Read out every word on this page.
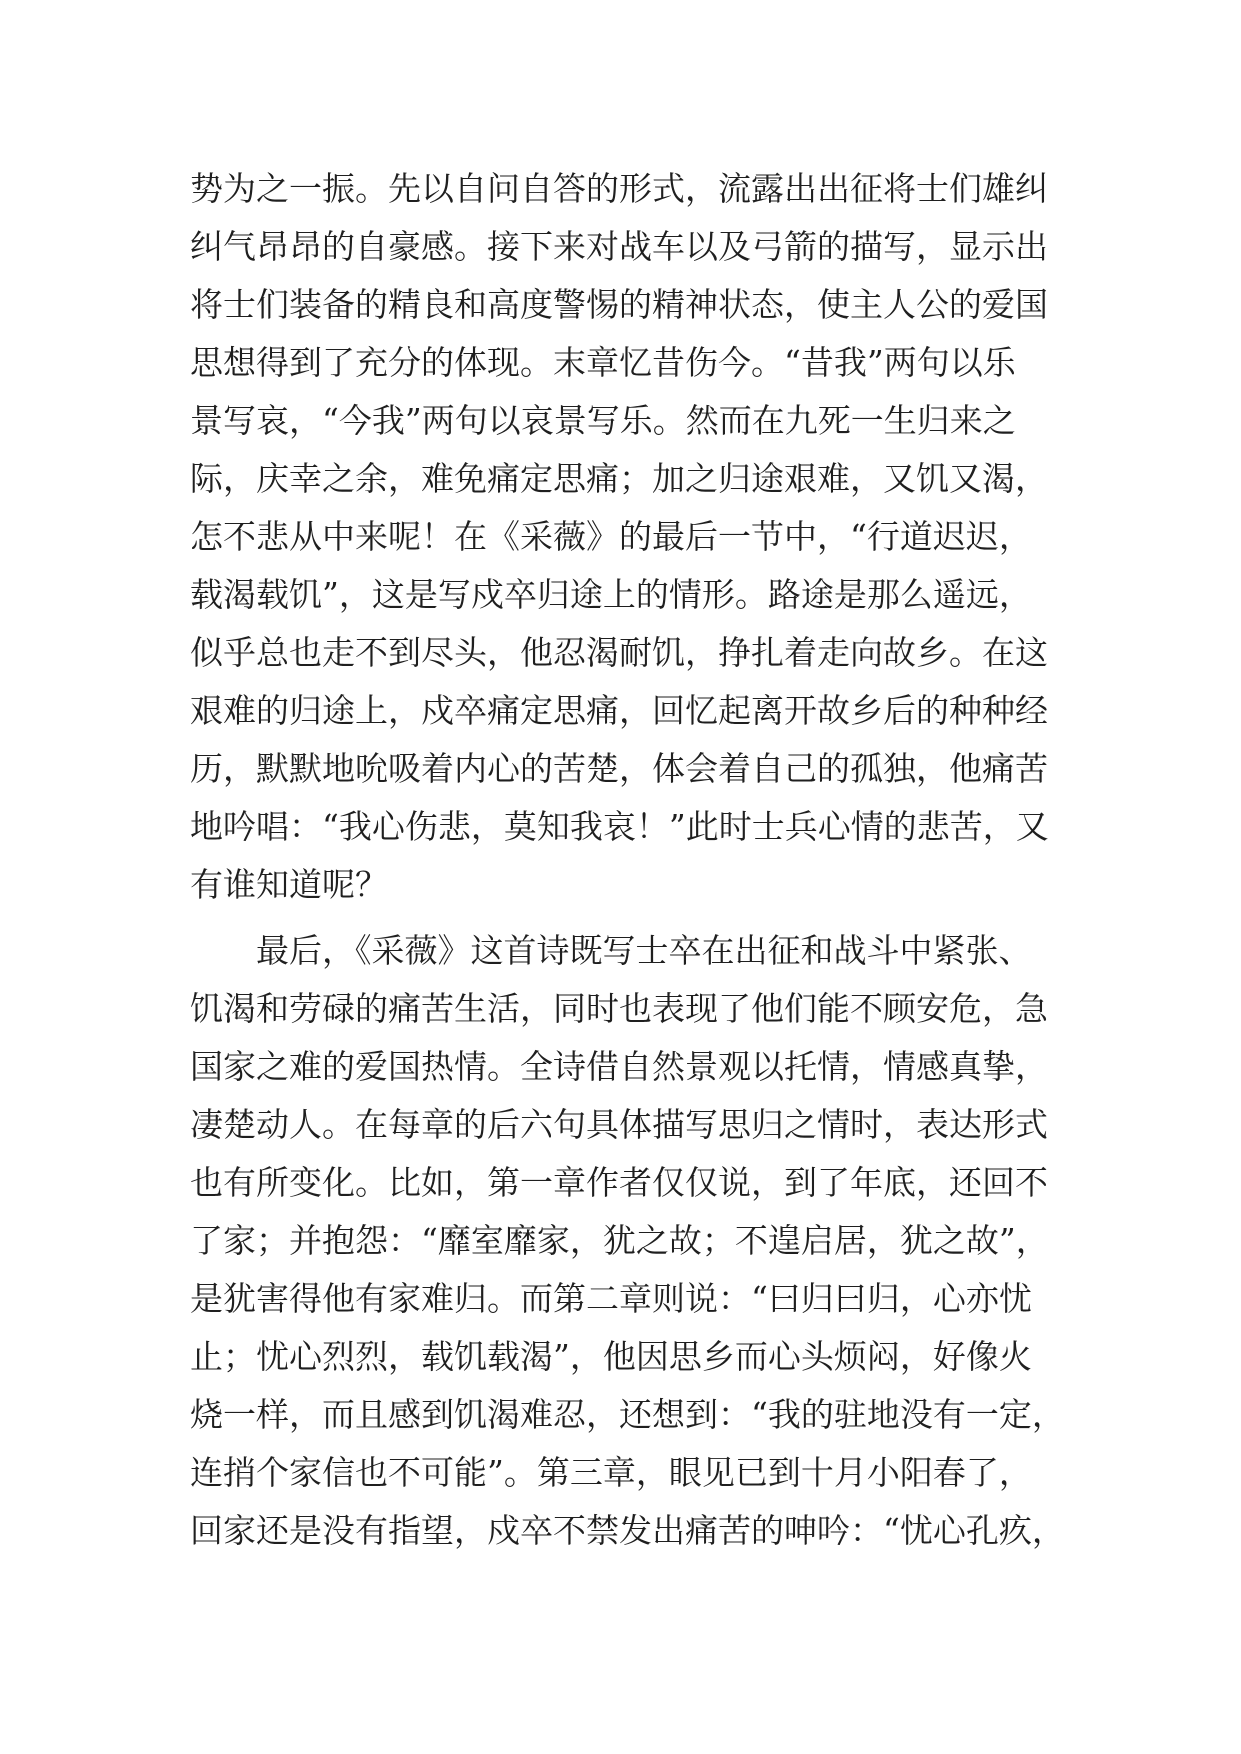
势为之一振。先以自问自答的形式，流露出出征将士们雄纠
纠气昂昂的自豪感。接下来对战车以及弓箭的描写，显示出
将士们装备的精良和高度警惕的精神状态，使主人公的爱国
思想得到了充分的体现。末章忆昔伤今。“昔我”两句以乐
景写哀，“今我”两句以哀景写乐。然而在九死一生归来之
际，庆幸之余，难免痛定思痛；加之归途艰难，又饥又渴，
怎不悲从中来呢！在《采薇》的最后一节中，“行道迟迟，
载渴载饥”，这是写戍卒归途上的情形。路途是那么遥远，
似乎总也走不到尽头，他忍渴耐饥，挣扎着走向故乡。在这
艰难的归途上，戍卒痛定思痛，回忆起离开故乡后的种种经
历，默默地吮吸着内心的苦楚，体会着自己的孤独，他痛苦
地吟唱：“我心伤悲，莫知我哀！”此时士兵心情的悲苦，又
有谁知道呢？
最后，《采薇》这首诗既写士卒在出征和战斗中紧张、
饥渴和劳碌的痛苦生活，同时也表现了他们能不顾安危，急
国家之难的爱国热情。全诗借自然景观以托情，情感真挚，
凄楚动人。在每章的后六句具体描写思归之情时，表达形式
也有所变化。比如，第一章作者仅仅说，到了年底，还回不
了家；并抱怨：“靡室靡家，犹之故；不遑启居，犹之故”，
是犹害得他有家难归。而第二章则说：“曰归曰归，心亦忧
止；忧心烈烈，载饥载渴”，他因思乡而心头烦闷，好像火
烧一样，而且感到饥渴难忍，还想到：“我的驻地没有一定，
连捎个家信也不可能”。第三章，眼见已到十月小阳春了，
回家还是没有指望，戍卒不禁发出痛苦的呻吟：“忧心孔疚，
